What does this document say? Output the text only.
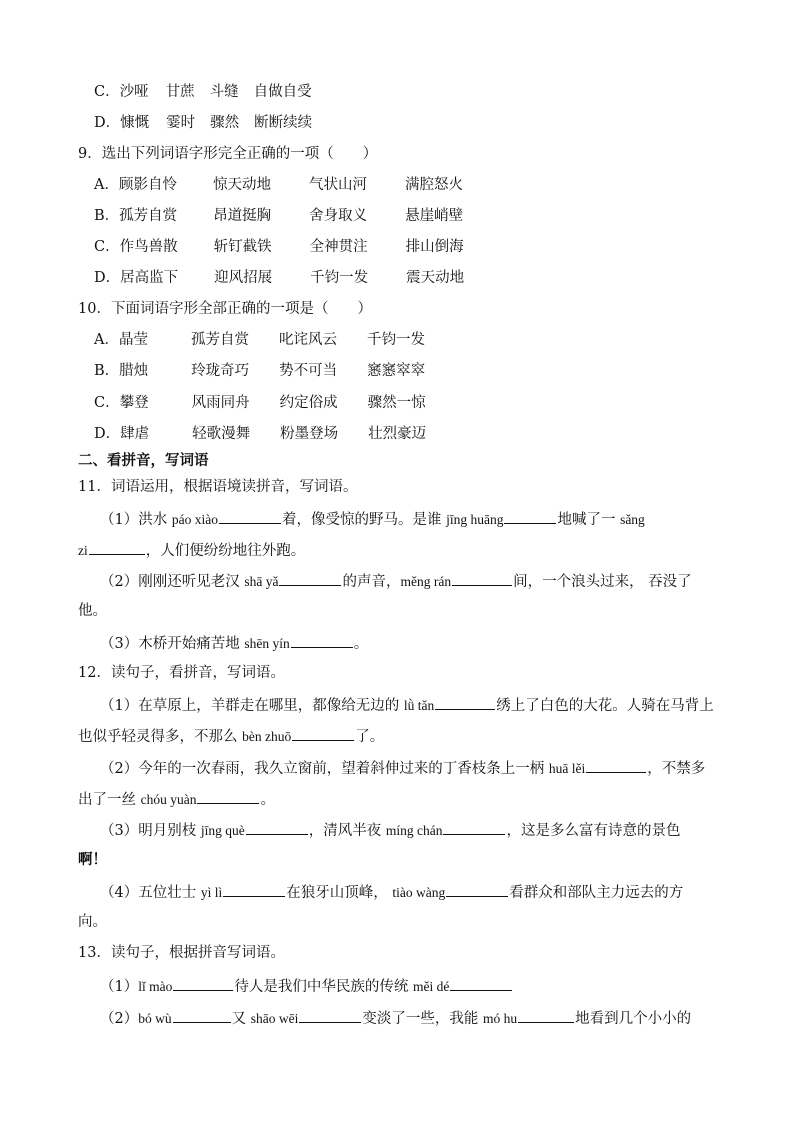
C．沙哑 甘蔗 斗缝 自做自受
D．慷慨 霎时 骤然 断断续续
9．选出下列词语字形完全正确的一项（　　）
A．顾影自怜 惊天动地	气状山河	满腔怒火
B．孤芳自赏 昂道挺胸	舍身取义	悬崖峭壁
C．作鸟兽散 斩钉截铁	全神贯注	排山倒海
D．居高监下 迎风招展	千钧一发	震天动地
10．下面词语字形全部正确的一项是（　　）
A．晶莹	孤芳自赏 叱诧风云 千钧一发
B．腊烛	玲珑奇巧 势不可当 窸窸窣窣
C．攀登	风雨同舟 约定俗成 骤然一惊
D．肆虐	轻歌漫舞 粉墨登场 壮烈豪迈
二、看拼音，写词语
11．词语运用，根据语境读拼音，写词语。
（1）洪水 páo xiào	着，像受惊的野马。是谁 jīng huāng	地喊了一 sǎng
zi	，人们便纷纷地往外跑。
（2）刚刚还听见老汉 shā yǎ	的声音，měng rán	间，一个浪头过来， 吞没了
他。
（3）木桥开始痛苦地 shēn yín	。
12．读句子，看拼音，写词语。
（1）在草原上，羊群走在哪里，都像给无边的 lǜ tǎn	绣上了白色的大花。人骑在马背上
也似乎轻灵得多，不那么 bèn zhuō	了。
（2）今年的一次春雨，我久立窗前，望着斜伸过来的丁香枝条上一柄 huā lěi	，不禁多
出了一丝 chóu yuàn	。
（3）明月别枝 jīng què	，清风半夜 míng chán	，这是多么富有诗意的景色
啊！
（4）五位壮士 yì lì	在狼牙山顶峰， tiào wàng	看群众和部队主力远去的方
向。
13．读句子，根据拼音写词语。
（1）lǐ mào	待人是我们中华民族的传统 měi dé
（2）bó wù	又 shāo wēi	变淡了一些，我能 mó hu	地看到几个小小的
